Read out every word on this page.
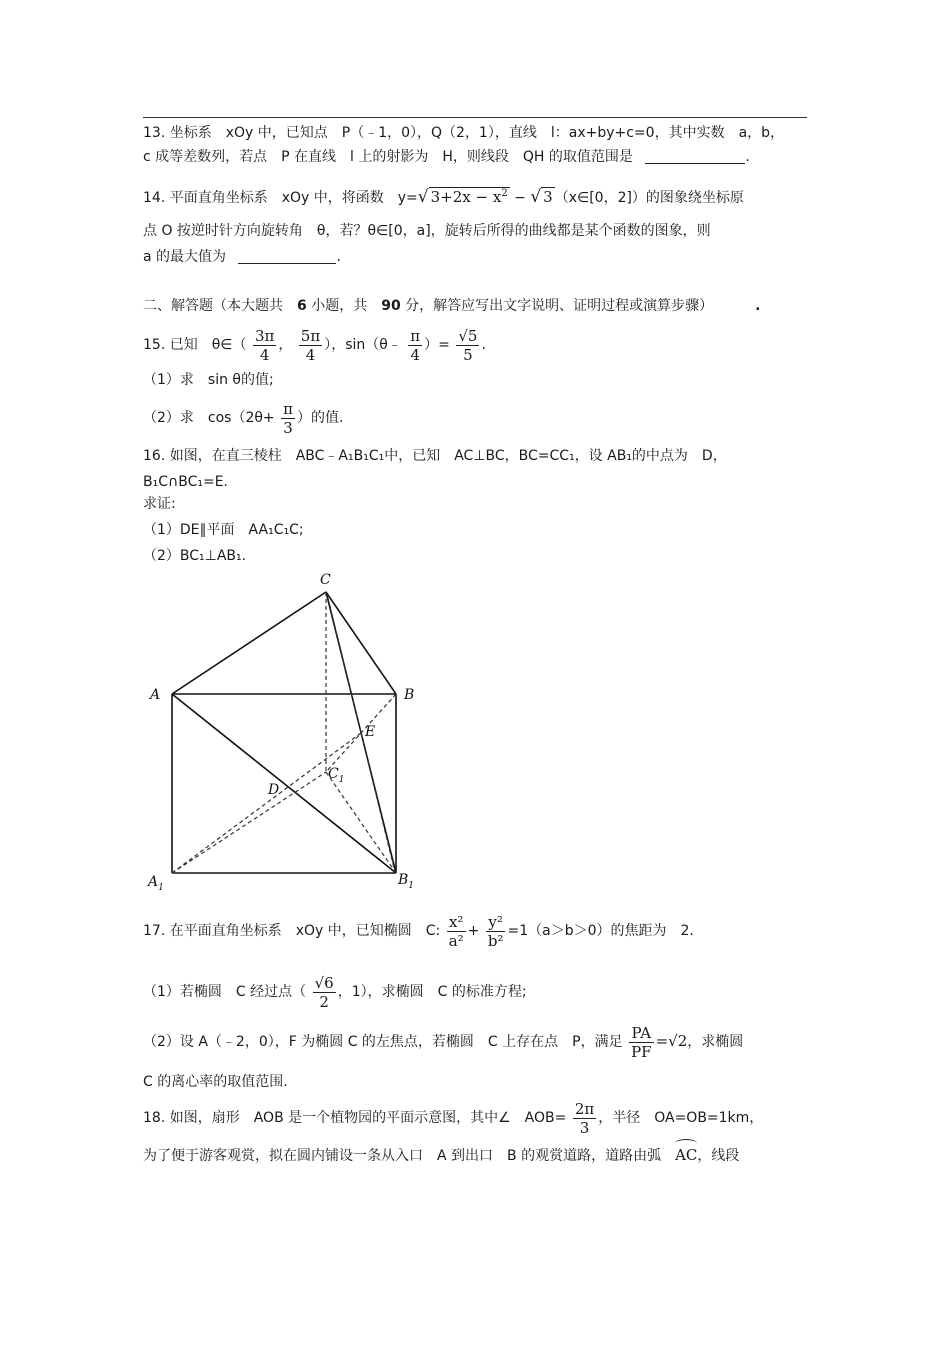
13. 坐标系　xOy 中，已知点　P（﹣1，0），Q（2，1），直线　l：ax+by+c=0，其中实数　a，b，
c 成等差数列，若点　P 在直线　l 上的射影为　H，则线段　QH 的取值范围是	.
14. 平面直角坐标系　xOy 中，将函数　y=√ $3+2x - x^2$ − √ 3 （x∈[0，2]）的图象绕坐标原
点 O 按逆时针方向旋转角　θ，若？θ∈[0，a]，旋转后所得的曲线都是某个函数的图象，则
a 的最大值为	.
二、解答题（本大题共　6 小题，共　90 分，解答应写出文字说明、证明过程或演算步骤）	.
15. 已知　θ∈（ $\frac{3\pi}{4}$ ， $\frac{5\pi}{4}$ ），sin（θ﹣ $\frac{\pi}{4}$ ）= $\frac{√5}{5}$ .
（1）求　sin θ的值;
（2）求　$\cos(2\theta+ \frac{\pi}{3}$ ）的值.
16. 如图，在直三棱柱　ABC﹣A₁B₁C₁中，已知　AC⊥BC，BC=CC₁，设 AB₁的中点为　D，
B₁C∩BC₁=E.
求证:
（1）DE∥平面　AA₁C₁C;
（2）BC₁⊥AB₁.
C
A	B
E
$C_1$
D
$A_1$	$B_1$
17. 在平面直角坐标系　xOy 中，已知椭圆　C: $\frac{\text{x²}}{\text{a²}} + \frac{\text{y²}}{\text{b²}} =1(a>b>0)$的焦距为　2.
（1）若椭圆　C 经过点（ $\frac{√6}{2}$ ，1），求椭圆　C 的标准方程;
（2）设 A（﹣2，0），F 为椭圆 C 的左焦点，若椭圆　C 上存在点　P，满足 $\frac{PA}{PF} =√2$，求椭圆
C 的离心率的取值范围.
18. 如图，扇形　AOB 是一个植物园的平面示意图，其中∠　$AOB= \frac{2\pi}{3}$ ，半径　OA=OB=1km，
为了便于游客观赏，拟在圆内铺设一条从入口　A 到出口　B 的观赏道路，道路由弧　AC，线段
